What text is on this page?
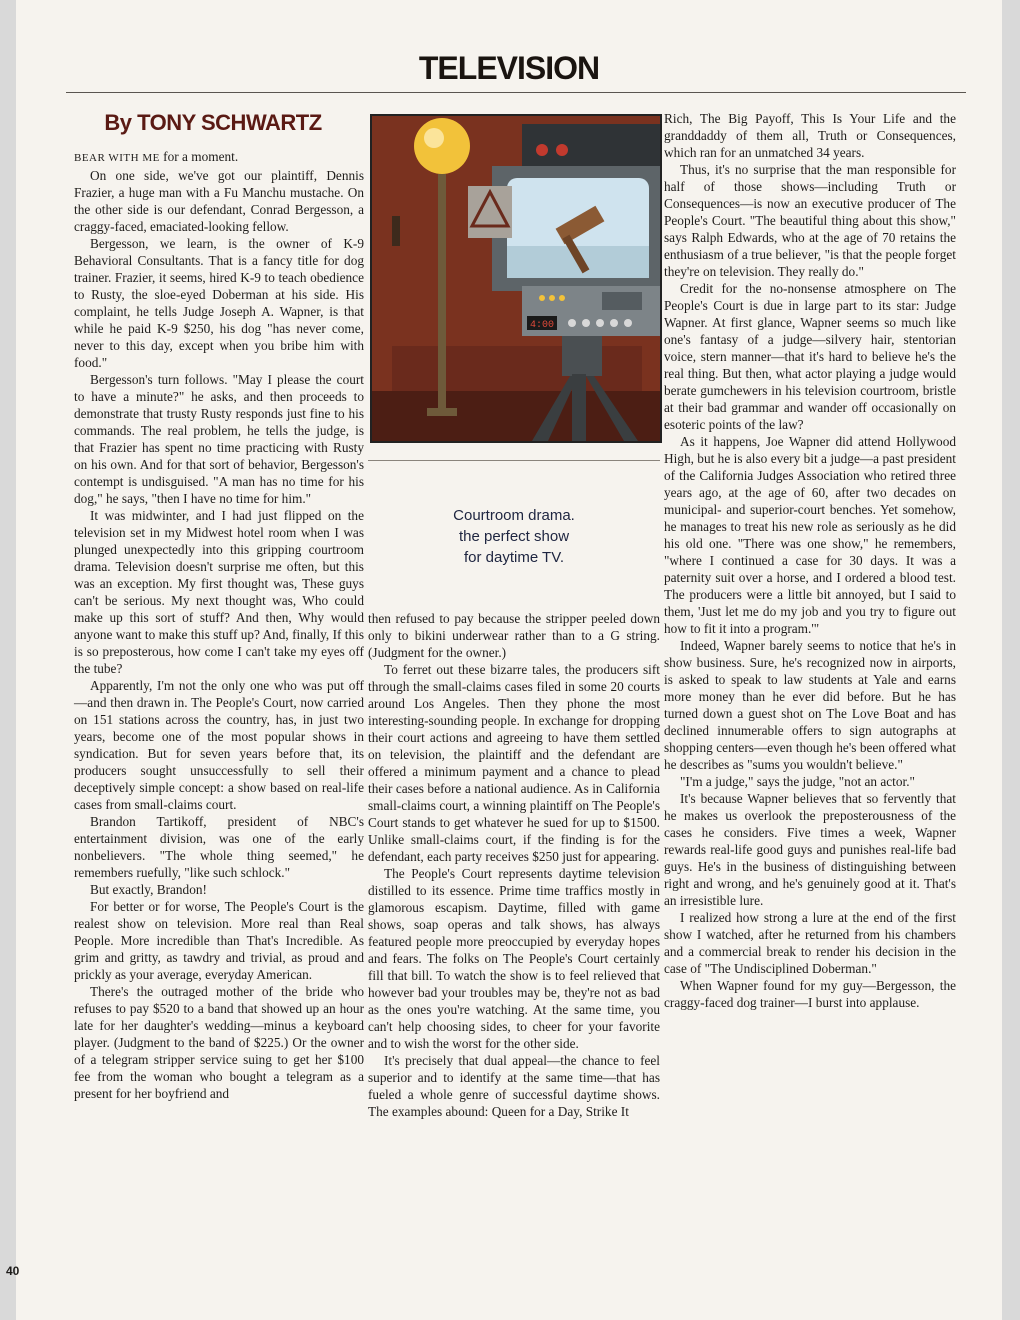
TELEVISION
By TONY SCHWARTZ
4:00
Courtroom drama.
the perfect show
for daytime TV.

BEAR WITH ME for a moment.

On one side, we've got our plaintiff, Dennis Frazier, a huge man with a Fu Manchu mustache. On the other side is our defendant, Conrad Bergesson, a craggy-faced, emaciated-looking fellow.

Bergesson, we learn, is the owner of K-9 Behavioral Consultants. That is a fancy title for dog trainer. Frazier, it seems, hired K-9 to teach obedience to Rusty, the sloe-eyed Doberman at his side. His complaint, he tells Judge Joseph A. Wapner, is that while he paid K-9 $250, his dog "has never come, never to this day, except when you bribe him with food."

Bergesson's turn follows. "May I please the court to have a minute?" he asks, and then proceeds to demonstrate that trusty Rusty responds just fine to his commands. The real problem, he tells the judge, is that Frazier has spent no time practicing with Rusty on his own. And for that sort of behavior, Bergesson's contempt is undisguised. "A man has no time for his dog," he says, "then I have no time for him."

It was midwinter, and I had just flipped on the television set in my Midwest hotel room when I was plunged unexpectedly into this gripping courtroom drama. Television doesn't surprise me often, but this was an exception. My first thought was, These guys can't be serious. My next thought was, Who could make up this sort of stuff? And then, Why would anyone want to make this stuff up? And, finally, If this is so preposterous, how come I can't take my eyes off the tube?

Apparently, I'm not the only one who was put off—and then drawn in. The People's Court, now carried on 151 stations across the country, has, in just two years, become one of the most popular shows in syndication. But for seven years before that, its producers sought unsuccessfully to sell their deceptively simple concept: a show based on real-life cases from small-claims court.

Brandon Tartikoff, president of NBC's entertainment division, was one of the early nonbelievers. "The whole thing seemed," he remembers ruefully, "like such schlock."

But exactly, Brandon!

For better or for worse, The People's Court is the realest show on television. More real than Real People. More incredible than That's Incredible. As grim and gritty, as tawdry and trivial, as proud and prickly as your average, everyday American.

There's the outraged mother of the bride who refuses to pay $520 to a band that showed up an hour late for her daughter's wedding—minus a keyboard player. (Judgment to the band of $225.) Or the owner of a telegram stripper service suing to get her $100 fee from the woman who bought a telegram as a present for her boyfriend and

then refused to pay because the stripper peeled down only to bikini underwear rather than to a G string. (Judgment for the owner.)

To ferret out these bizarre tales, the producers sift through the small-claims cases filed in some 20 courts around Los Angeles. Then they phone the most interesting-sounding people. In exchange for dropping their court actions and agreeing to have them settled on television, the plaintiff and the defendant are offered a minimum payment and a chance to plead their cases before a national audience. As in California small-claims court, a winning plaintiff on The People's Court stands to get whatever he sued for up to $1500. Unlike small-claims court, if the finding is for the defendant, each party receives $250 just for appearing.

The People's Court represents daytime television distilled to its essence. Prime time traffics mostly in glamorous escapism. Daytime, filled with game shows, soap operas and talk shows, has always featured people more preoccupied by everyday hopes and fears. The folks on The People's Court certainly fill that bill. To watch the show is to feel relieved that however bad your troubles may be, they're not as bad as the ones you're watching. At the same time, you can't help choosing sides, to cheer for your favorite and to wish the worst for the other side.

It's precisely that dual appeal—the chance to feel superior and to identify at the same time—that has fueled a whole genre of successful daytime shows. The examples abound: Queen for a Day, Strike It

Rich, The Big Payoff, This Is Your Life and the granddaddy of them all, Truth or Consequences, which ran for an unmatched 34 years.

Thus, it's no surprise that the man responsible for half of those shows—including Truth or Consequences—is now an executive producer of The People's Court. "The beautiful thing about this show," says Ralph Edwards, who at the age of 70 retains the enthusiasm of a true believer, "is that the people forget they're on television. They really do."

Credit for the no-nonsense atmosphere on The People's Court is due in large part to its star: Judge Wapner. At first glance, Wapner seems so much like one's fantasy of a judge—silvery hair, stentorian voice, stern manner—that it's hard to believe he's the real thing. But then, what actor playing a judge would berate gumchewers in his television courtroom, bristle at their bad grammar and wander off occasionally on esoteric points of the law?

As it happens, Joe Wapner did attend Hollywood High, but he is also every bit a judge—a past president of the California Judges Association who retired three years ago, at the age of 60, after two decades on municipal- and superior-court benches. Yet somehow, he manages to treat his new role as seriously as he did his old one. "There was one show," he remembers, "where I continued a case for 30 days. It was a paternity suit over a horse, and I ordered a blood test. The producers were a little bit annoyed, but I said to them, 'Just let me do my job and you try to figure out how to fit it into a program.'"

Indeed, Wapner barely seems to notice that he's in show business. Sure, he's recognized now in airports, is asked to speak to law students at Yale and earns more money than he ever did before. But he has turned down a guest shot on The Love Boat and has declined innumerable offers to sign autographs at shopping centers—even though he's been offered what he describes as "sums you wouldn't believe."

"I'm a judge," says the judge, "not an actor."

It's because Wapner believes that so fervently that he makes us overlook the preposterousness of the cases he considers. Five times a week, Wapner rewards real-life good guys and punishes real-life bad guys. He's in the business of distinguishing between right and wrong, and he's genuinely good at it. That's an irresistible lure.

I realized how strong a lure at the end of the first show I watched, after he returned from his chambers and a commercial break to render his decision in the case of "The Undisciplined Doberman."

When Wapner found for my guy—Bergesson, the craggy-faced dog trainer—I burst into applause.

40
